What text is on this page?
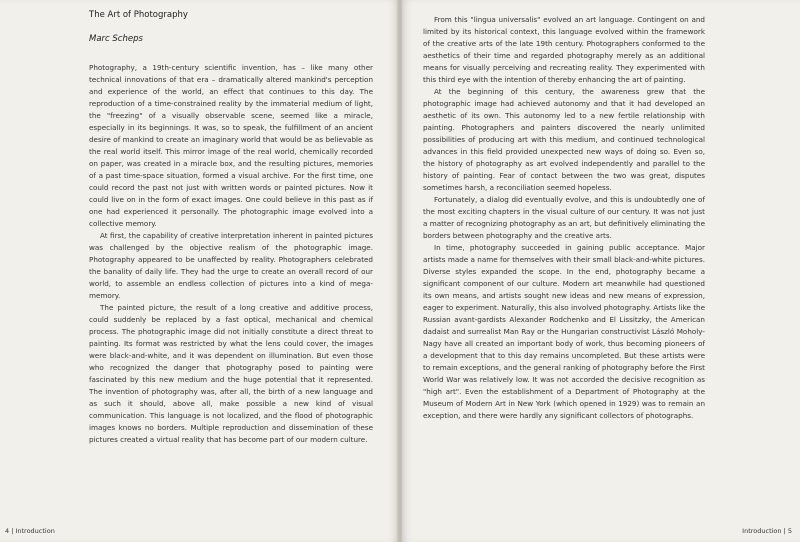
The Art of Photography
Marc Scheps

Photography, a 19th-century scientific invention, has – like many other technical innovations of that era – dramatically altered mankind's perception and experience of the world, an effect that continues to this day. The reproduction of a time-constrained reality by the immaterial medium of light, the "freezing" of a visually observable scene, seemed like a miracle, especially in its beginnings. It was, so to speak, the fulfillment of an ancient desire of mankind to create an imaginary world that would be as believable as the real world itself. This mirror image of the real world, chemically recorded on paper, was created in a miracle box, and the resulting pictures, memories of a past time-space situation, formed a visual archive. For the first time, one could record the past not just with written words or painted pictures. Now it could live on in the form of exact images. One could believe in this past as if one had experienced it personally. The photographic image evolved into a collective memory.

At first, the capability of creative interpretation inherent in painted pictures was challenged by the objective realism of the photographic image. Photography appeared to be unaffected by reality. Photographers celebrated the banality of daily life. They had the urge to create an overall record of our world, to assemble an endless collection of pictures into a kind of mega-memory.

The painted picture, the result of a long creative and additive process, could suddenly be replaced by a fast optical, mechanical and chemical process. The photographic image did not initially constitute a direct threat to painting. Its format was restricted by what the lens could cover, the images were black-and-white, and it was dependent on illumination. But even those who recognized the danger that photography posed to painting were fascinated by this new medium and the huge potential that it represented. The invention of photography was, after all, the birth of a new language and as such it should, above all, make possible a new kind of visual communication. This language is not localized, and the flood of photographic images knows no borders. Multiple reproduction and dissemination of these pictures created a virtual reality that has become part of our modern culture.

4 | Introduction

From this "lingua universalis" evolved an art language. Contingent on and limited by its historical context, this language evolved within the framework of the creative arts of the late 19th century. Photographers conformed to the aesthetics of their time and regarded photography merely as an additional means for visually perceiving and recreating reality. They experimented with this third eye with the intention of thereby enhancing the art of painting.

At the beginning of this century, the awareness grew that the photographic image had achieved autonomy and that it had developed an aesthetic of its own. This autonomy led to a new fertile relationship with painting. Photographers and painters discovered the nearly unlimited possibilities of producing art with this medium, and continued technological advances in this field provided unexpected new ways of doing so. Even so, the history of photography as art evolved independently and parallel to the history of painting. Fear of contact between the two was great, disputes sometimes harsh, a reconciliation seemed hopeless.

Fortunately, a dialog did eventually evolve, and this is undoubtedly one of the most exciting chapters in the visual culture of our century. It was not just a matter of recognizing photography as an art, but definitively eliminating the borders between photography and the creative arts.

In time, photography succeeded in gaining public acceptance. Major artists made a name for themselves with their small black-and-white pictures. Diverse styles expanded the scope. In the end, photography became a significant component of our culture. Modern art meanwhile had questioned its own means, and artists sought new ideas and new means of expression, eager to experiment. Naturally, this also involved photography. Artists like the Russian avant-gardists Alexander Rodchenko and El Lissitzky, the American dadaist and surrealist Man Ray or the Hungarian constructivist László Moholy-Nagy have all created an important body of work, thus becoming pioneers of a development that to this day remains uncompleted. But these artists were to remain exceptions, and the general ranking of photography before the First World War was relatively low. It was not accorded the decisive recognition as "high art". Even the establishment of a Department of Photography at the Museum of Modern Art in New York (which opened in 1929) was to remain an exception, and there were hardly any significant collectors of photographs.

Introduction | 5
